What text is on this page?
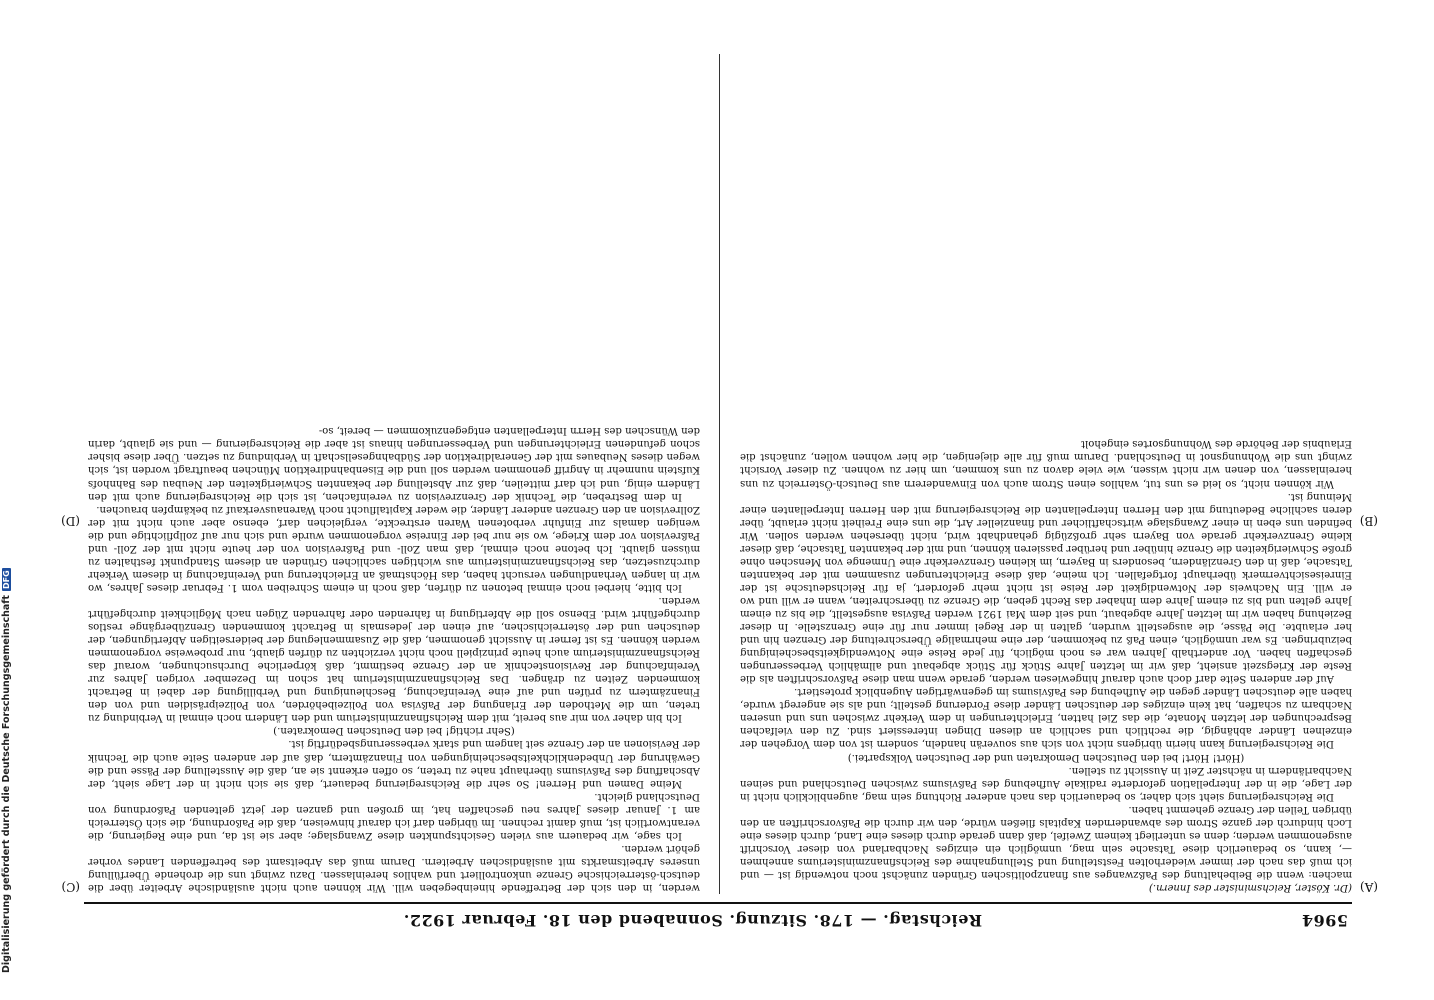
5964
Reichstag. — 178. Sitzung. Sonnabend den 18. Februar 1922.
(A)
(B)
(C)
(D)

(Dr. Köster, Reichsminister des Innern.)

machen: wenn die Beibehaltung des Paßzwanges aus finanzpolitischen Gründen zunächst noch notwendig ist — und ich muß das nach der immer wiederholten Feststellung und Stellungnahme des Reichsfinanzministeriums annehmen —, kann, so bedauerlich diese Tatsache sein mag, unmöglich ein einziges Nachbarland von dieser Vorschrift ausgenommen werden; denn es unterliegt keinem Zweifel, daß dann gerade durch dieses eine Land, durch dieses eine Loch hindurch der ganze Strom des abwandernden Kapitals fließen würde, den wir durch die Paßvorschriften an den übrigen Teilen der Grenze gehemmt haben.

Die Reichsregierung sieht sich daher, so bedauerlich das nach anderer Richtung sein mag, augenblicklich nicht in der Lage, die in der Interpellation geforderte radikale Aufhebung des Paßvisums zwischen Deutschland und seinen Nachbarländern in nächster Zeit in Aussicht zu stellen.

(Hört! Hört! bei den Deutschen Demokraten und der Deutschen Volkspartei.)

Die Reichsregierung kann hierin übrigens nicht von sich aus souverän handeln, sondern ist von dem Vorgehen der einzelnen Länder abhängig, die rechtlich und sachlich an diesen Dingen interessiert sind. Zu den vielfachen Besprechungen der letzten Monate, die das Ziel hatten, Erleichterungen in dem Verkehr zwischen uns und unseren Nachbarn zu schaffen, hat kein einziges der deutschen Länder diese Forderung gestellt; und als sie angeregt wurde, haben alle deutschen Länder gegen die Aufhebung des Paßvisums im gegenwärtigen Augenblick protestiert.

Auf der anderen Seite darf doch auch darauf hingewiesen werden, gerade wenn man diese Paßvorschriften als die Reste der Kriegszeit ansieht, daß wir im letzten Jahre Stück für Stück abgebaut und allmählich Verbesserungen geschaffen haben. Vor anderthalb Jahren war es noch möglich, für jede Reise eine Notwendigkeitsbescheinigung beizubringen. Es war unmöglich, einen Paß zu bekommen, der eine mehrmalige Überschreitung der Grenzen hin und her erlaubte. Die Pässe, die ausgestellt wurden, galten in der Regel immer nur für eine Grenzstelle. In dieser Beziehung haben wir im letzten Jahre abgebaut, und seit dem Mai 1921 werden Paßvisa ausgestellt, die bis zu einem Jahre gelten und bis zu einem Jahre dem Inhaber das Recht geben, die Grenze zu überschreiten, wann er will und wo er will. Ein Nachweis der Notwendigkeit der Reise ist nicht mehr gefordert, ja für Reichsdeutsche ist der Einreisesichtvermerk überhaupt fortgefallen. Ich meine, daß diese Erleichterungen zusammen mit der bekannten Tatsache, daß in den Grenzländern, besonders in Bayern, im kleinen Grenzverkehr eine Unmenge von Menschen ohne große Schwierigkeiten die Grenze hinüber und herüber passieren können, und mit der bekannten Tatsache, daß dieser kleine Grenzverkehr gerade von Bayern sehr großzügig gehandhabt wird, nicht übersehen werden sollen. Wir befinden uns eben in einer Zwangslage wirtschaftlicher und finanzieller Art, die uns eine Freiheit nicht erlaubt, über deren sachliche Bedeutung mit den Herren Interpellanten die Reichsregierung mit den Herren Interpellanten einer Meinung ist.

Wir können nicht, so leid es uns tut, wahllos einen Strom auch von Einwanderern aus Deutsch-Österreich zu uns hereinlassen, von denen wir nicht wissen, wie viele davon zu uns kommen, um hier zu wohnen. Zu dieser Vorsicht zwingt uns die Wohnungsnot in Deutschland. Darum muß für alle diejenigen, die hier wohnen wollen, zunächst die Erlaubnis der Behörde des Wohnungsortes eingeholt

werden, in den sich der Betreffende hineinbegeben will. Wir können auch nicht ausländische Arbeiter über die deutsch-österreichische Grenze unkontrolliert und wahllos hereinlassen. Dazu zwingt uns die drohende Überfüllung unseres Arbeitsmarkts mit ausländischen Arbeitern. Darum muß das Arbeitsamt des betreffenden Landes vorher gehört werden.

Ich sage, wir bedauern aus vielen Gesichtspunkten diese Zwangslage; aber sie ist da, und eine Regierung, die verantwortlich ist, muß damit rechnen. Im übrigen darf ich darauf hinweisen, daß die Paßordnung, die sich Österreich am 1. Januar dieses Jahres neu geschaffen hat, im großen und ganzen der jetzt geltenden Paßordnung von Deutschland gleicht.

Meine Damen und Herren! So sehr die Reichsregierung bedauert, daß sie sich nicht in der Lage sieht, der Abschaffung des Paßvisums überhaupt nahe zu treten, so offen erkennt sie an, daß die Ausstellung der Pässe und die Gewährung der Unbedenklichkeitsbescheinigungen von Finanzämtern, daß auf der anderen Seite auch die Technik der Revisionen an der Grenze seit langem und stark verbesserungsbedürftig ist.

(Sehr richtig! bei den Deutschen Demokraten.)

Ich bin daher von mir aus bereit, mit dem Reichsfinanzministerium und den Ländern noch einmal in Verbindung zu treten, um die Methoden der Erlangung der Paßvisa von Polizeibehörden, von Polizeipräsidien und von den Finanzämtern zu prüfen und auf eine Vereinfachung, Beschleunigung und Verbilligung der dabei in Betracht kommenden Zeiten zu drängen. Das Reichsfinanzministerium hat schon im Dezember vorigen Jahres zur Vereinfachung der Revisionstechnik an der Grenze bestimmt, daß körperliche Durchsuchungen, worauf das Reichsfinanzministerium auch heute prinzipiell noch nicht verzichten zu dürfen glaubt, nur probeweise vorgenommen werden können. Es ist ferner in Aussicht genommen, daß die Zusammenlegung der beiderseitigen Abfertigungen, der deutschen und der österreichischen, auf einen der jedesmals in Betracht kommenden Grenzübergänge restlos durchgeführt wird. Ebenso soll die Abfertigung in fahrenden oder fahrenden Zügen nach Möglichkeit durchgeführt werden.

Ich bitte, hierbei noch einmal betonen zu dürfen, daß noch in einem Schreiben vom 1. Februar dieses Jahres, wo wir in langen Verhandlungen versucht haben, das Höchstmaß an Erleichterung und Vereinfachung in diesem Verkehr durchzusetzen, das Reichsfinanzministerium aus wichtigen sachlichen Gründen an diesem Standpunkt festhalten zu müssen glaubt. Ich betone noch einmal, daß man Zoll- und Paßrevision von der heute nicht mit der Zoll- und Paßrevision vor dem Kriege, wo sie nur bei der Einreise vorgenommen wurde und sich nur auf zollpflichtige und die wenigen damals zur Einfuhr verbotenen Waren erstreckte, vergleichen darf, ebenso aber auch nicht mit der Zollrevision an den Grenzen anderer Länder, die weder Kapitalflucht noch Warenausverkauf zu bekämpfen brauchen.

In dem Bestreben, die Technik der Grenzrevision zu vereinfachen, ist sich die Reichsregierung auch mit den Ländern einig, und ich darf mitteilen, daß zur Abstellung der bekannten Schwierigkeiten der Neubau des Bahnhofs Kufstein nunmehr in Angriff genommen werden soll und die Eisenbahndirektion München beauftragt worden ist, sich wegen dieses Neubaues mit der Generaldirektion der Südbahngesellschaft in Verbindung zu setzen. Über diese bisher schon gefundenen Erleichterungen und Verbesserungen hinaus ist aber die Reichsregierung — und sie glaubt, darin den Wünschen des Herrn Interpellanten entgegenzukommen — bereit, so-

Digitalisierung gefördert durch die Deutsche Forschungsgemeinschaft
DFG
